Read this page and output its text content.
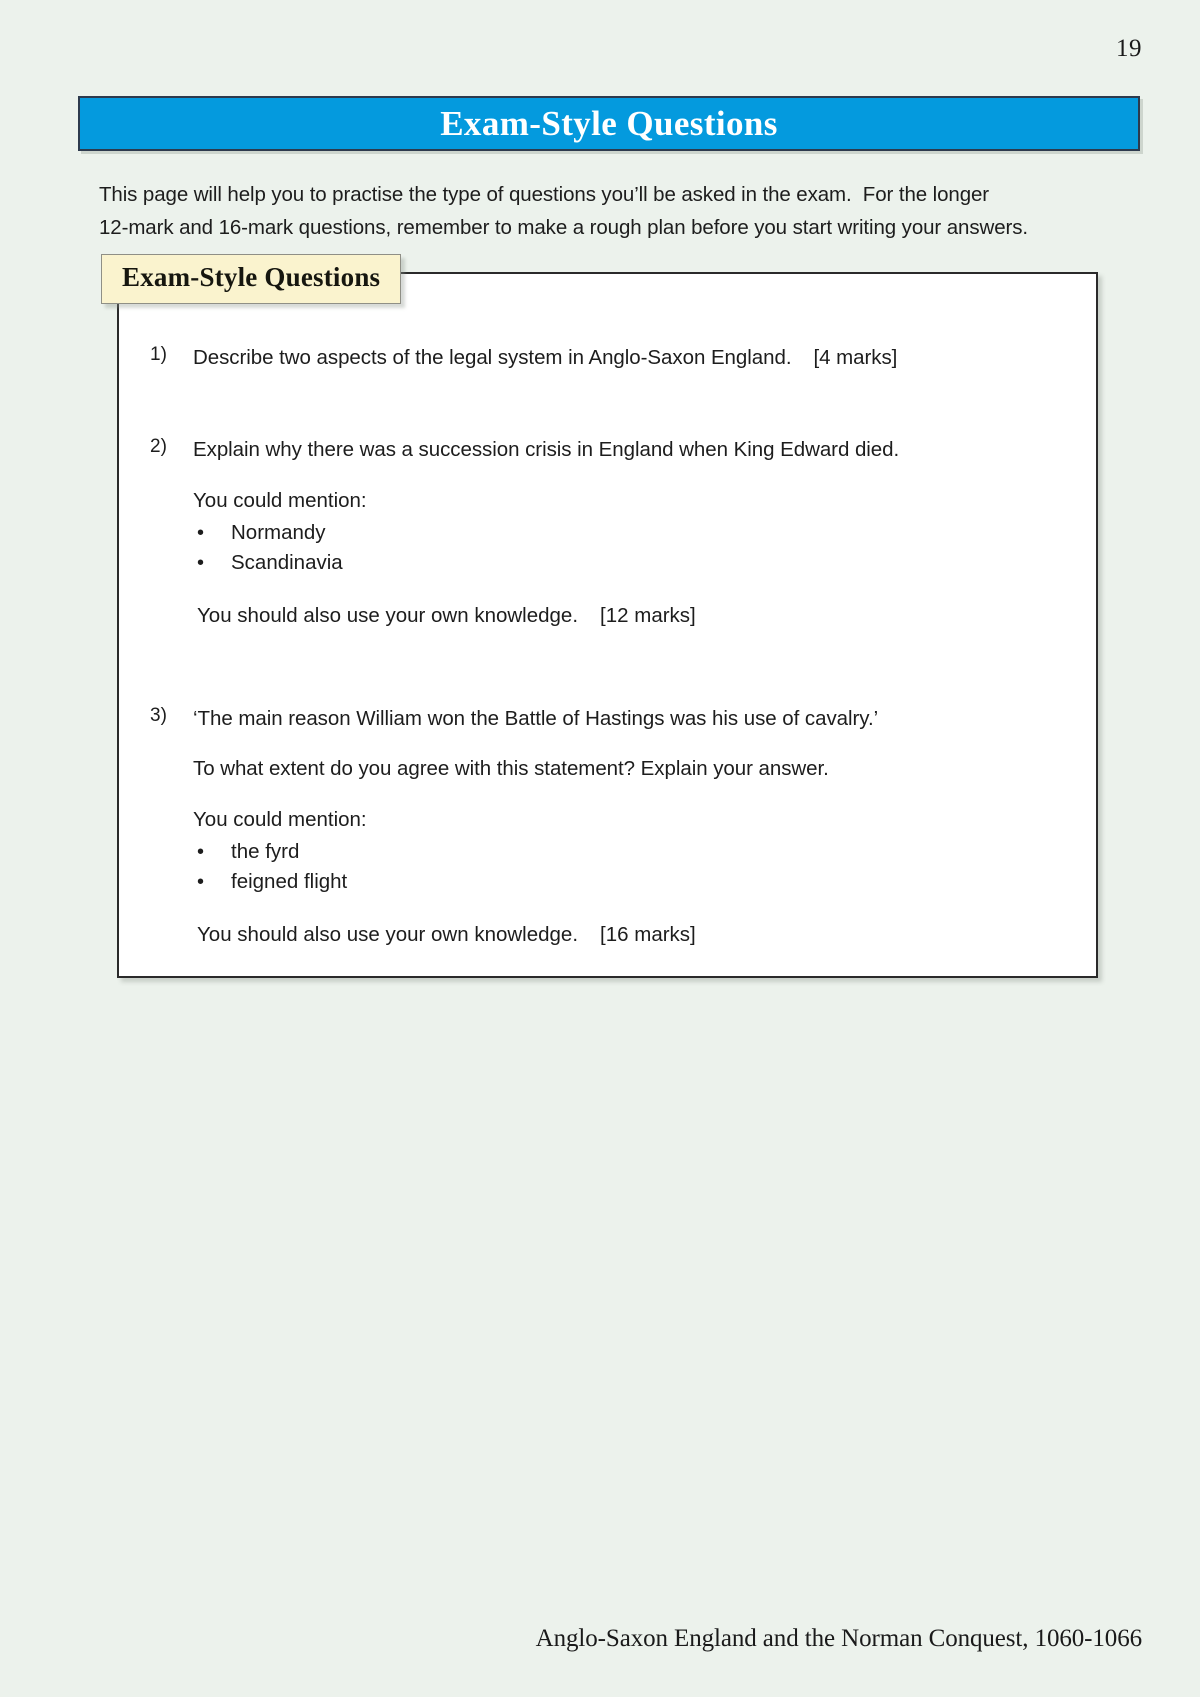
19
Exam-Style Questions
This page will help you to practise the type of questions you’ll be asked in the exam.  For the longer
12-mark and 16-mark questions, remember to make a rough plan before you start writing your answers.
Exam-Style Questions
1)	Describe two aspects of the legal system in Anglo-Saxon England. [4 marks]
2)	Explain why there was a succession crisis in England when King Edward died.
You could mention:
• Normandy
• Scandinavia
You should also use your own knowledge. [12 marks]
3)	‘The main reason William won the Battle of Hastings was his use of cavalry.’
To what extent do you agree with this statement? Explain your answer.
You could mention:
• the fyrd
• feigned flight
You should also use your own knowledge. [16 marks]
Anglo-Saxon England and the Norman Conquest, 1060-1066
